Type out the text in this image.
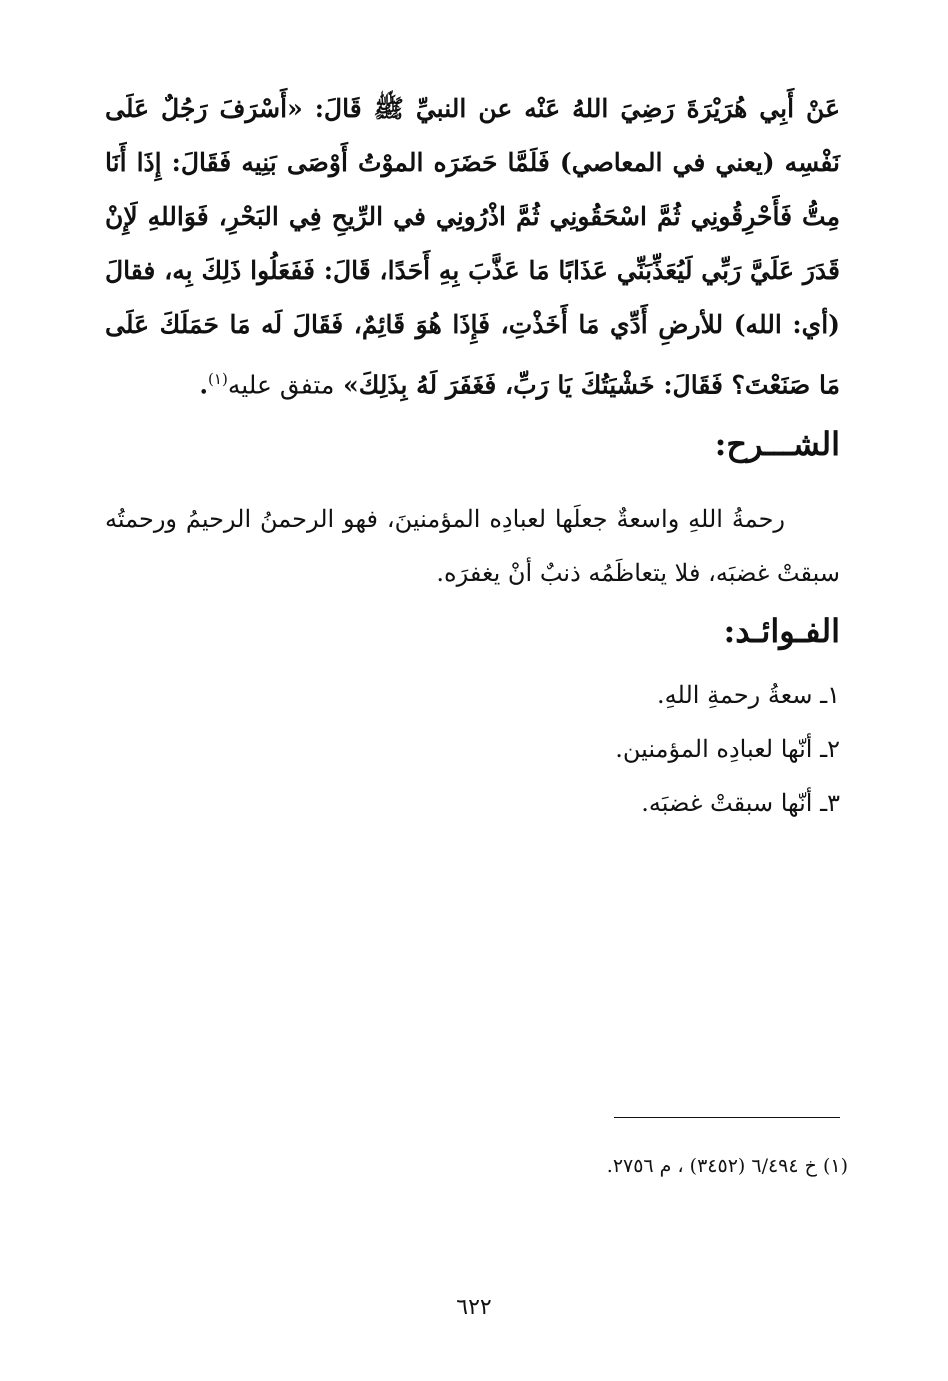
عَنْ أَبِي هُرَيْرَةَ رَضِيَ اللهُ عَنْه عن النبيِّ ﷺ قَالَ: «أَسْرَفَ رَجُلٌ عَلَى نَفْسِه (يعني في المعاصي) فَلَمَّا حَضَرَه الموْتُ أَوْصَى بَنِيه فَقَالَ: إِذَا أَنَا مِتُّ فَأَحْرِقُونِي ثُمَّ اسْحَقُونِي ثُمَّ اذْرُونِي في الرِّيحِ فِي البَحْرِ، فَوَاللهِ لَإِنْ قَدَرَ عَلَيَّ رَبِّي لَيُعَذِّبَنِّي عَذَابًا مَا عَذَّبَ بِهِ أَحَدًا، قَالَ: فَفَعَلُوا ذَلِكَ بِه، فقالَ (أي: الله) للأرضِ أَدِّي مَا أَخَذْتِ، فَإِذَا هُوَ قَائِمٌ، فَقَالَ لَه مَا حَمَلَكَ عَلَى مَا صَنَعْتَ؟ فَقَالَ: خَشْيَتُكَ يَا رَبِّ، فَغَفَرَ لَهُ بِذَلِكَ» متفق عليه$^{(١)}$.

الشـــرح:

رحمةُ اللهِ واسعةٌ جعلَها لعبادِه المؤمنينَ، فهو الرحمنُ الرحيمُ ورحمتُه سبقتْ غضبَه، فلا يتعاظَمُه ذنبٌ أنْ يغفرَه.

الفـوائـد:
١ـ سعةُ رحمةِ اللهِ.
٢ـ أنّها لعبادِه المؤمنين.
٣ـ أنّها سبقتْ غضبَه.

(١) خ ٦/٤٩٤ (٣٤٥٢) ، م ٢٧٥٦.

٦٢٢
